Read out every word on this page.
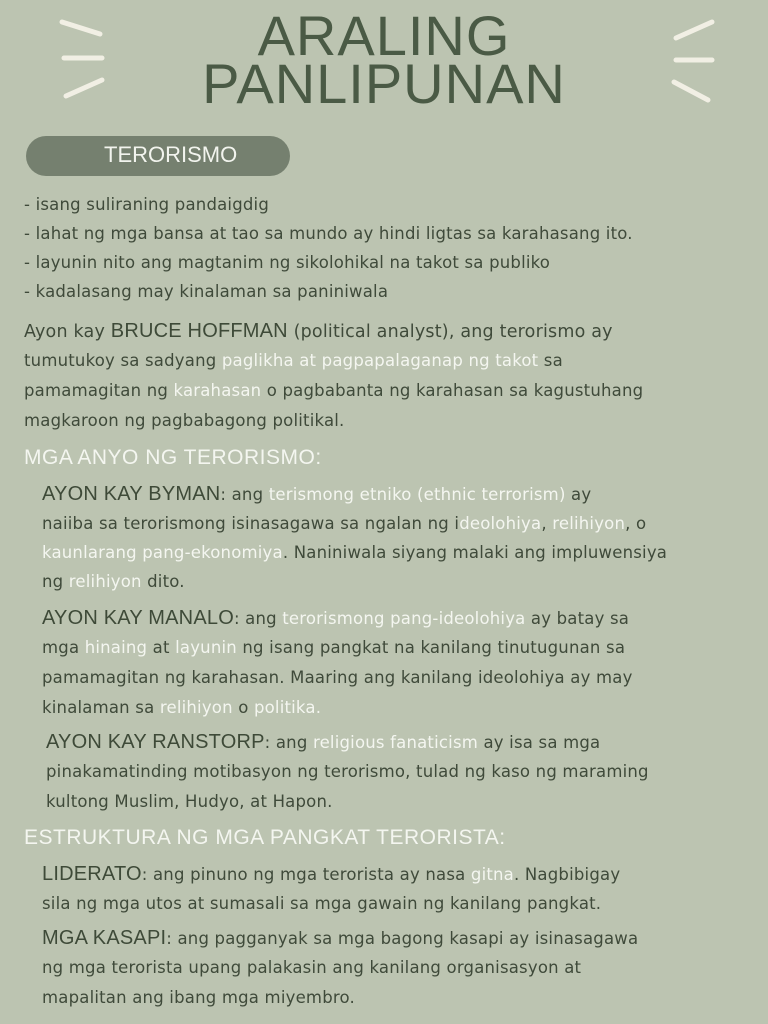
ARALING
PANLIPUNAN
TERORISMO
- isang suliraning pandaigdig
- lahat ng mga bansa at tao sa mundo ay hindi ligtas sa karahasang ito.
- layunin nito ang magtanim ng sikolohikal na takot sa publiko
- kadalasang may kinalaman sa paniniwala
Ayon kay BRUCE HOFFMAN (political analyst), ang terorismo ay
tumutukoy sa sadyang paglikha at pagpapalaganap ng takot sa
pamamagitan ng karahasan o pagbabanta ng karahasan sa kagustuhang
magkaroon ng pagbabagong politikal.
MGA ANYO NG TERORISMO:
AYON KAY BYMAN: ang terismong etniko (ethnic terrorism) ay
naiiba sa terorismong isinasagawa sa ngalan ng ideolohiya, relihiyon, o
kaunlarang pang-ekonomiya. Naniniwala siyang malaki ang impluwensiya
ng relihiyon dito.
AYON KAY MANALO: ang terorismong pang-ideolohiya ay batay sa
mga hinaing at layunin ng isang pangkat na kanilang tinutugunan sa
pamamagitan ng karahasan. Maaring ang kanilang ideolohiya ay may
kinalaman sa relihiyon o politika.
AYON KAY RANSTORP: ang religious fanaticism ay isa sa mga
pinakamatinding motibasyon ng terorismo, tulad ng kaso ng maraming
kultong Muslim, Hudyo, at Hapon.
ESTRUKTURA NG MGA PANGKAT TERORISTA:
LIDERATO: ang pinuno ng mga terorista ay nasa gitna. Nagbibigay
sila ng mga utos at sumasali sa mga gawain ng kanilang pangkat.
MGA KASAPI: ang pagganyak sa mga bagong kasapi ay isinasagawa
ng mga terorista upang palakasin ang kanilang organisasyon at
mapalitan ang ibang mga miyembro.
